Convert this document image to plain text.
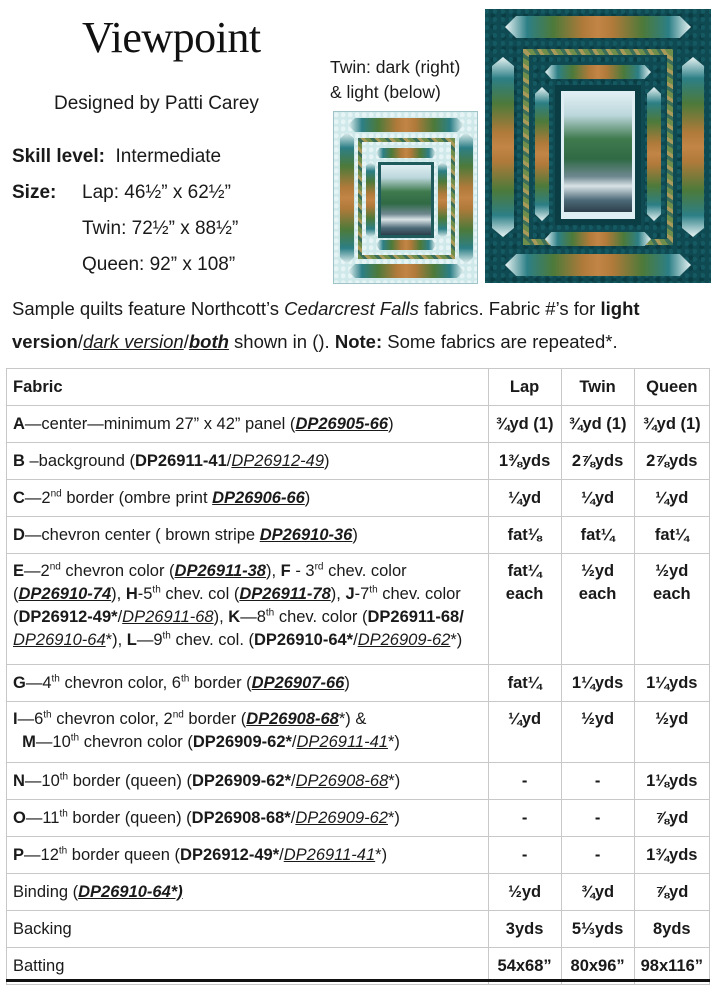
Viewpoint
Designed by Patti Carey
Skill level: Intermediate
Size: Lap: 46½” x 62½”
Twin: 72½” x 88½”
Queen: 92” x 108”
Twin: dark (right)
& light (below)
Sample quilts feature Northcott’s Cedarcrest Falls fabrics. Fabric #’s for light
version/dark version/both shown in (). Note: Some fabrics are repeated*.
Fabric	Lap	Twin	Queen
A—center—minimum 27” x 42” panel (DP26905-66)	¾yd (1)	¾yd (1)	¾yd (1)
B –background (DP26911-41/DP26912-49)	1⅜yds	2⅞yds	2⅞yds
C—2nd border (ombre print DP26906-66)	¼yd	¼yd	¼yd
D—chevron center ( brown stripe DP26910-36)	fat⅛	fat¼	fat¼
E—2nd chevron color (DP26911-38), F - 3rd chev. color (DP26910-74), H-5th chev. col (DP26911-78), J-7th chev. color (DP26912-49*/DP26911-68), K—8th chev. color (DP26911-68/ DP26910-64*), L—9th chev. col. (DP26910-64*/DP26909-62*)	fat¼ each	½yd each	½yd each
G—4th chevron color, 6th border (DP26907-66)	fat¼	1¼yds	1¼yds
I—6th chevron color, 2nd border (DP26908-68*) &
M—10th chevron color (DP26909-62*/DP26911-41*)	¼yd	½yd	½yd
N—10th border (queen) (DP26909-62*/DP26908-68*)	-	-	1⅛yds
O—11th border (queen) (DP26908-68*/DP26909-62*)	-	-	⅞yd
P—12th border queen (DP26912-49*/DP26911-41*)	-	-	1¾yds
Binding (DP26910-64*)	½yd	¾yd	⅞yd
Backing	3yds	5⅓yds	8yds
Batting	54x68”	80x96”	98x116”
